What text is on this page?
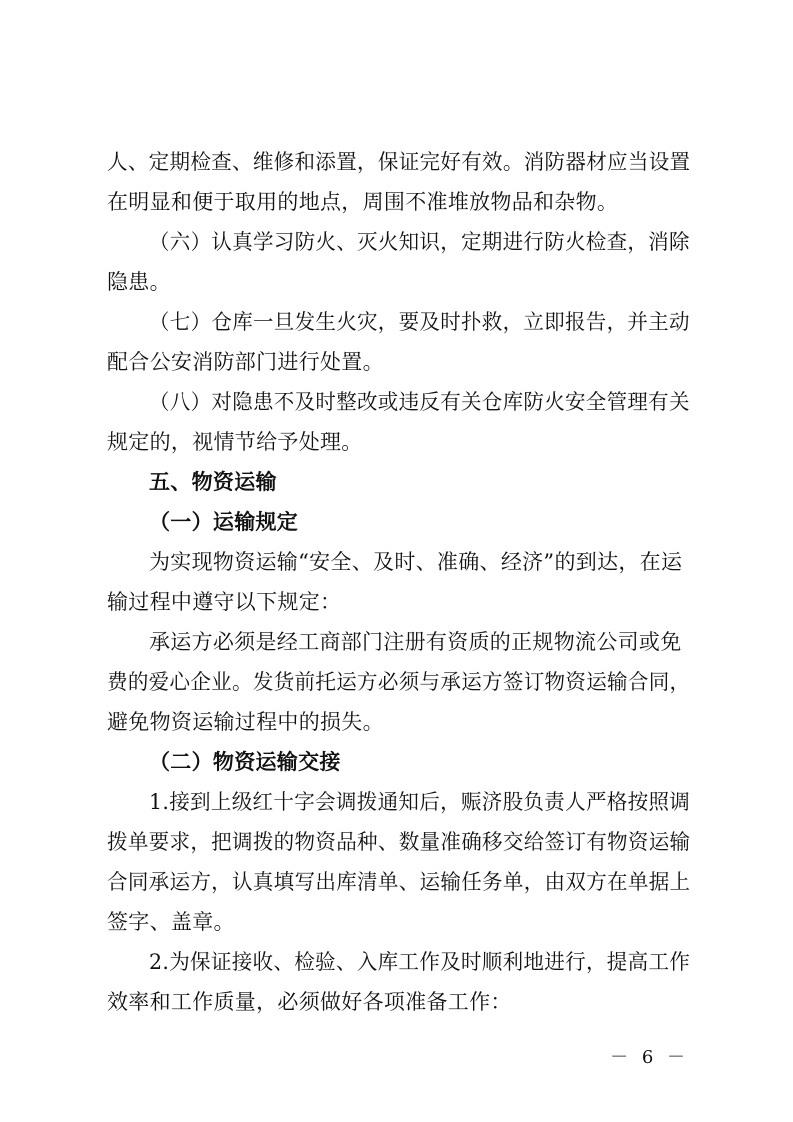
人、定期检查、维修和添置，保证完好有效。消防器材应当设置
在明显和便于取用的地点，周围不准堆放物品和杂物。
（六）认真学习防火、灭火知识，定期进行防火检查，消除
隐患。
（七）仓库一旦发生火灾，要及时扑救，立即报告，并主动
配合公安消防部门进行处置。
（八）对隐患不及时整改或违反有关仓库防火安全管理有关
规定的，视情节给予处理。
五、物资运输
（一）运输规定
为实现物资运输“安全、及时、准确、经济”的到达，在运
输过程中遵守以下规定：
承运方必须是经工商部门注册有资质的正规物流公司或免
费的爱心企业。发货前托运方必须与承运方签订物资运输合同，
避免物资运输过程中的损失。
（二）物资运输交接
1.接到上级红十字会调拨通知后，赈济股负责人严格按照调
拨单要求，把调拨的物资品种、数量准确移交给签订有物资运输
合同承运方，认真填写出库清单、运输任务单，由双方在单据上
签字、盖章。
2.为保证接收、检验、入库工作及时顺利地进行，提高工作
效率和工作质量，必须做好各项准备工作：
－ 6 －
